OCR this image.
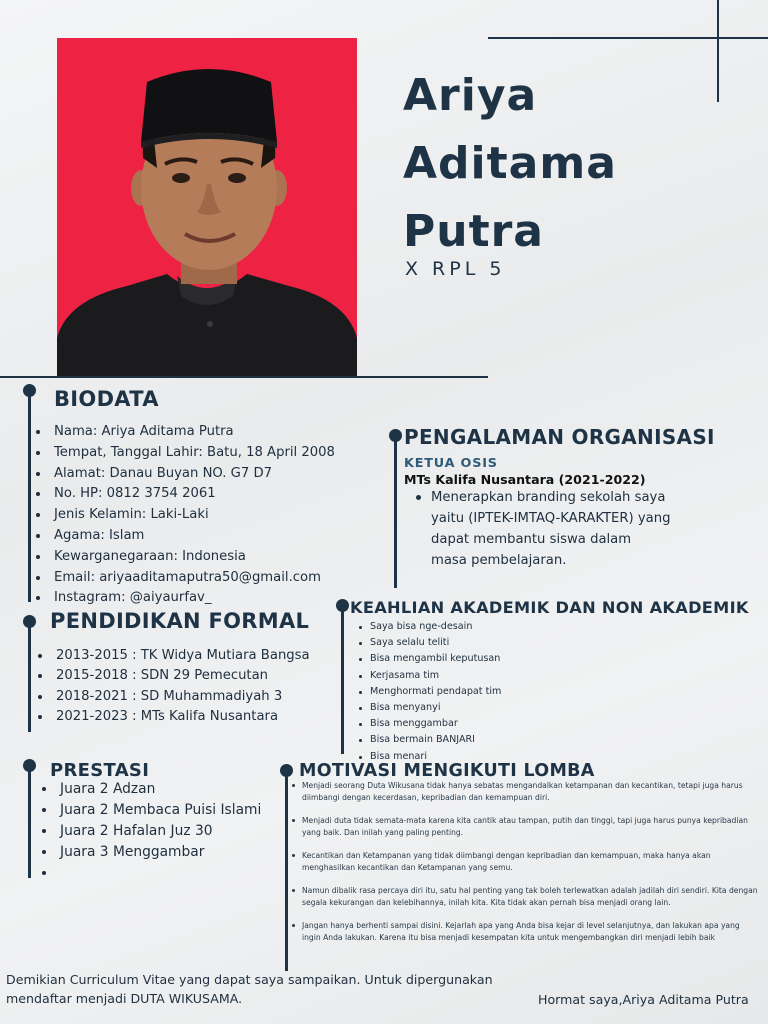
Ariya
Aditama
Putra
X RPL 5
BIODATA
Nama: Ariya Aditama Putra
Tempat, Tanggal Lahir: Batu, 18 April 2008
Alamat: Danau Buyan NO. G7 D7
No. HP: 0812 3754 2061
Jenis Kelamin: Laki-Laki
Agama: Islam
Kewarganegaraan: Indonesia
Email: ariyaaditamaputra50@gmail.com
Instagram: @aiyaurfav_
PENDIDIKAN FORMAL
2013-2015 : TK Widya Mutiara Bangsa
2015-2018 : SDN 29 Pemecutan
2018-2021 : SD Muhammadiyah 3
2021-2023 : MTs Kalifa Nusantara
PRESTASI
Juara 2 Adzan
Juara 2 Membaca Puisi Islami
Juara 2 Hafalan Juz 30
Juara 3 Menggambar
PENGALAMAN ORGANISASI
KETUA OSIS
MTs Kalifa Nusantara (2021-2022)
Menerapkan branding sekolah saya
yaitu (IPTEK-IMTAQ-KARAKTER) yang
dapat membantu siswa dalam
masa pembelajaran.
KEAHLIAN AKADEMIK DAN NON AKADEMIK
Saya bisa nge-desain
Saya selalu teliti
Bisa mengambil keputusan
Kerjasama tim
Menghormati pendapat tim
Bisa menyanyi
Bisa menggambar
Bisa bermain BANJARI
Bisa menari
MOTIVASI MENGIKUTI LOMBA
Menjadi seorang Duta Wikusana tidak hanya sebatas mengandalkan ketampanan dan kecantikan, tetapi juga harus diimbangi dengan kecerdasan, kepribadian dan kemampuan diri.
Menjadi duta tidak semata-mata karena kita cantik atau tampan, putih dan tinggi, tapi juga harus punya kepribadian yang baik. Dan inilah yang paling penting.
Kecantikan dan Ketampanan yang tidak diimbangi dengan kepribadian dan kemampuan, maka hanya akan menghasilkan kecantikan dan Ketampanan yang semu.
Namun dibalik rasa percaya diri itu, satu hal penting yang tak boleh terlewatkan adalah jadilah diri sendiri. Kita dengan segala kekurangan dan kelebihannya, inilah kita. Kita tidak akan pernah bisa menjadi orang lain.
Jangan hanya berhenti sampai disini. Kejarlah apa yang Anda bisa kejar di level selanjutnya, dan lakukan apa yang ingin Anda lakukan. Karena itu bisa menjadi kesempatan kita untuk mengembangkan diri menjadi lebih baik
Demikian Curriculum Vitae yang dapat saya sampaikan. Untuk dipergunakan mendaftar menjadi DUTA WIKUSAMA.	Hormat saya,Ariya Aditama Putra
